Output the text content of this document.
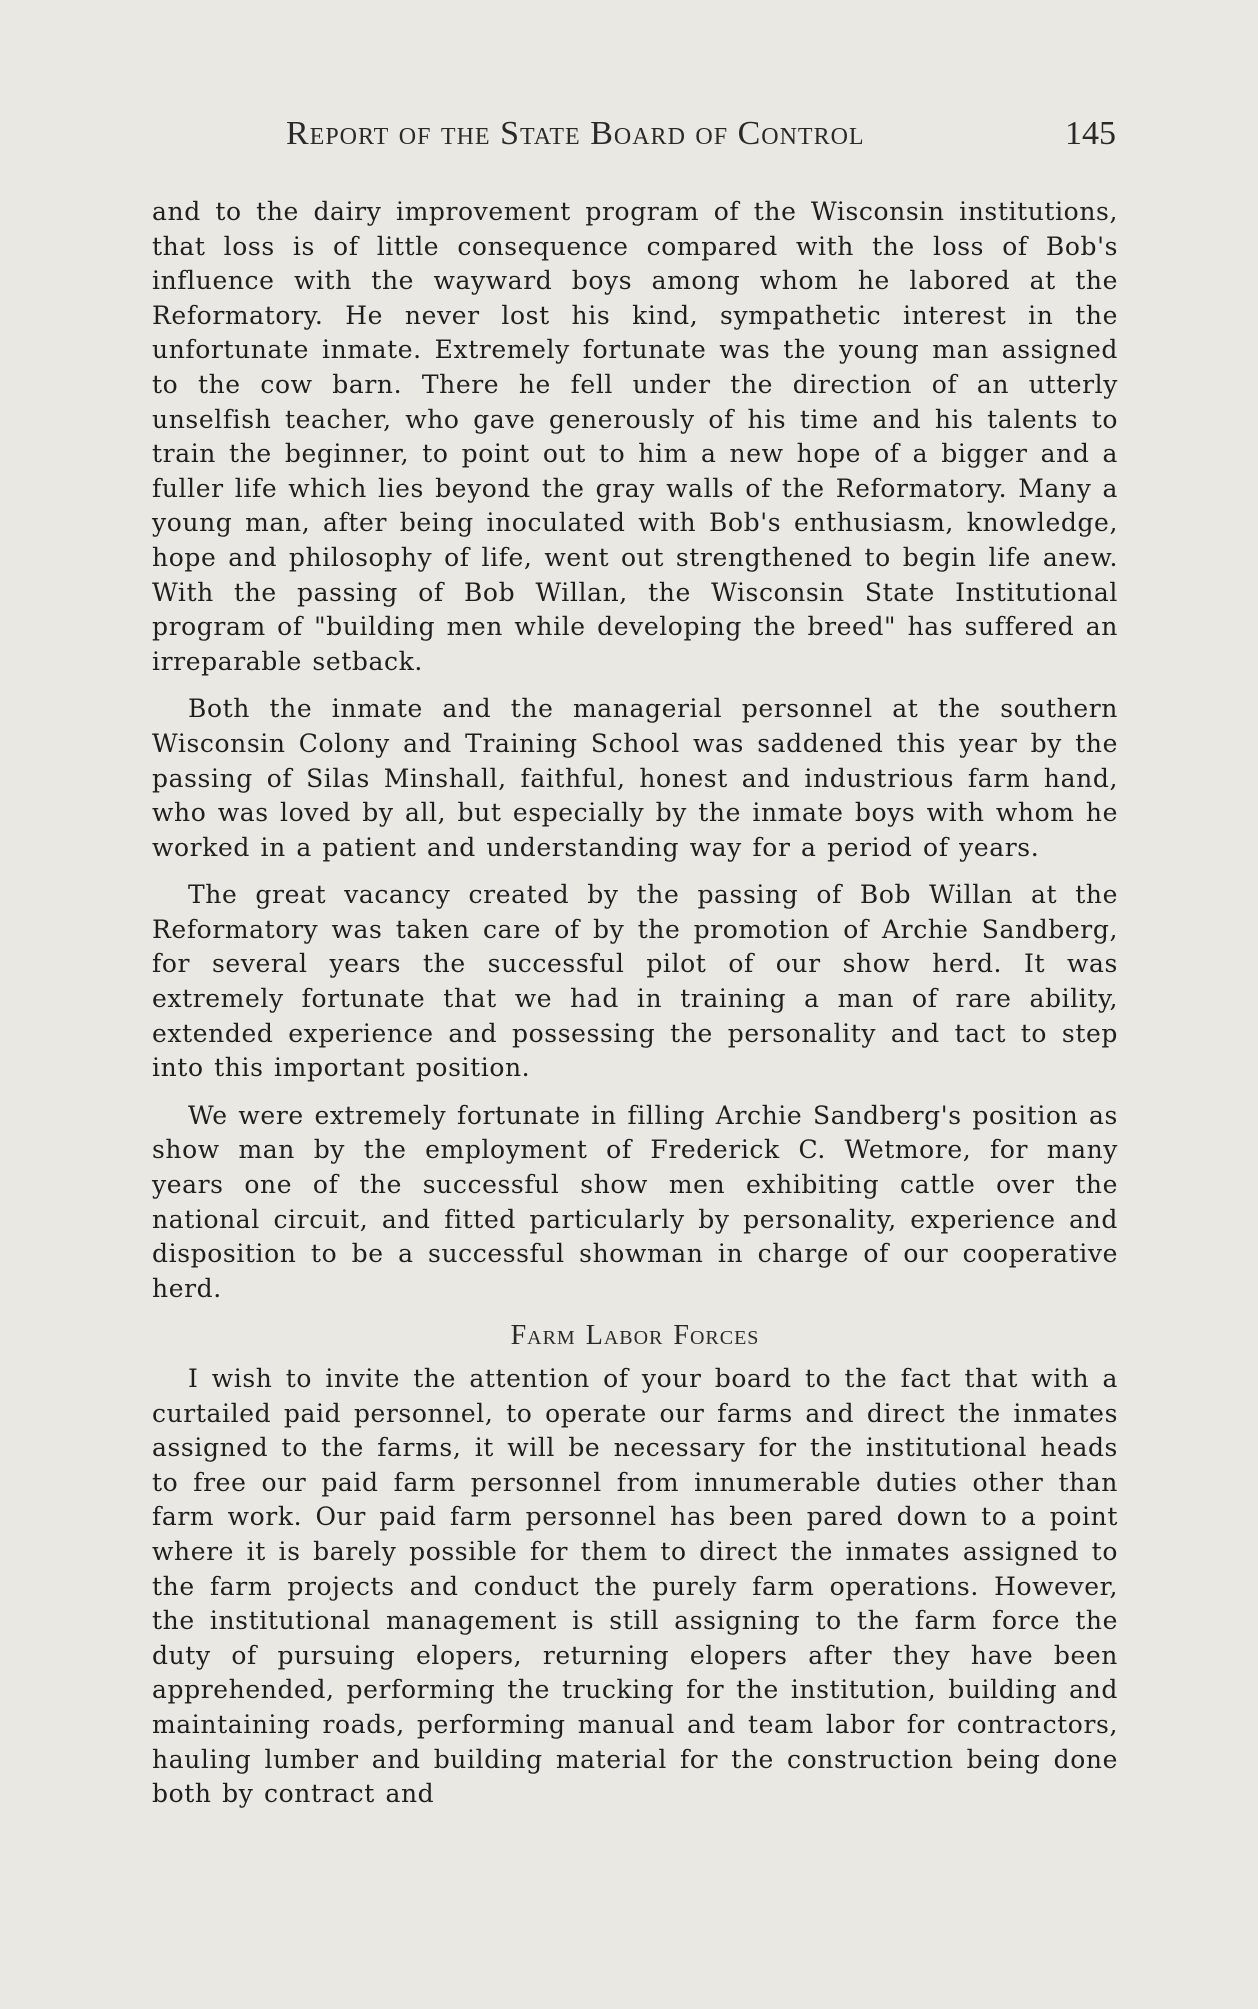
Report of the State Board of Control	145

and to the dairy improvement program of the Wisconsin institutions, that loss is of little consequence compared with the loss of Bob's influence with the wayward boys among whom he labored at the Reformatory. He never lost his kind, sympathetic interest in the unfortunate inmate. Extremely fortunate was the young man assigned to the cow barn. There he fell under the direction of an utterly unselfish teacher, who gave generously of his time and his talents to train the beginner, to point out to him a new hope of a bigger and a fuller life which lies beyond the gray walls of the Reformatory. Many a young man, after being inoculated with Bob's enthusiasm, knowledge, hope and philosophy of life, went out strengthened to begin life anew. With the passing of Bob Willan, the Wisconsin State Institutional program of "building men while developing the breed" has suffered an irreparable setback.

Both the inmate and the managerial personnel at the southern Wisconsin Colony and Training School was saddened this year by the passing of Silas Minshall, faithful, honest and industrious farm hand, who was loved by all, but especially by the inmate boys with whom he worked in a patient and understanding way for a period of years.

The great vacancy created by the passing of Bob Willan at the Reformatory was taken care of by the promotion of Archie Sandberg, for several years the successful pilot of our show herd. It was extremely fortunate that we had in training a man of rare ability, extended experience and possessing the personality and tact to step into this important position.

We were extremely fortunate in filling Archie Sandberg's position as show man by the employment of Frederick C. Wetmore, for many years one of the successful show men exhibiting cattle over the national circuit, and fitted particularly by personality, experience and disposition to be a successful showman in charge of our cooperative herd.

Farm Labor Forces

I wish to invite the attention of your board to the fact that with a curtailed paid personnel, to operate our farms and direct the inmates assigned to the farms, it will be necessary for the institutional heads to free our paid farm personnel from innumerable duties other than farm work. Our paid farm personnel has been pared down to a point where it is barely possible for them to direct the inmates assigned to the farm projects and conduct the purely farm operations. However, the institutional management is still assigning to the farm force the duty of pursuing elopers, returning elopers after they have been apprehended, performing the trucking for the institution, building and maintaining roads, performing manual and team labor for contractors, hauling lumber and building material for the construction being done both by contract and
